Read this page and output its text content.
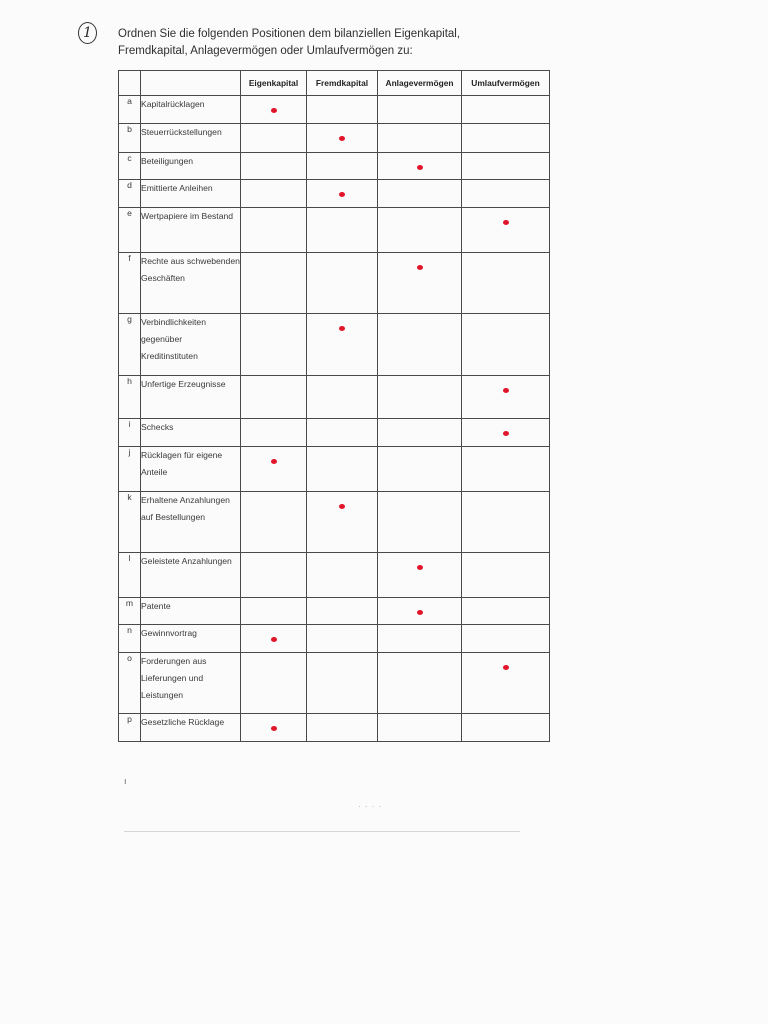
1	Ordnen Sie die folgenden Positionen dem bilanziellen Eigenkapital,
Fremdkapital, Anlagevermögen oder Umlaufvermögen zu:
		Eigenkapital	Fremdkapital	Anlagevermögen	Umlaufvermögen
a	Kapitalrücklagen	

b	Steuerrückstellungen		

c	Beteiligungen			

d	Emittierte Anleihen		

e	Wertpapiere im Bestand				

f	Rechte aus schwebenden Geschäften			

g	Verbindlichkeiten gegenüber Kreditinstituten		

h	Unfertige Erzeugnisse				

i	Schecks				

j	Rücklagen für eigene Anteile	

k	Erhaltene Anzahlungen auf Bestellungen		

l	Geleistete Anzahlungen			

m	Patente			

n	Gewinnvortrag	

o	Forderungen aus Lieferungen und Leistungen				

p	Gesetzliche Rücklage	

ı
· · · ·
